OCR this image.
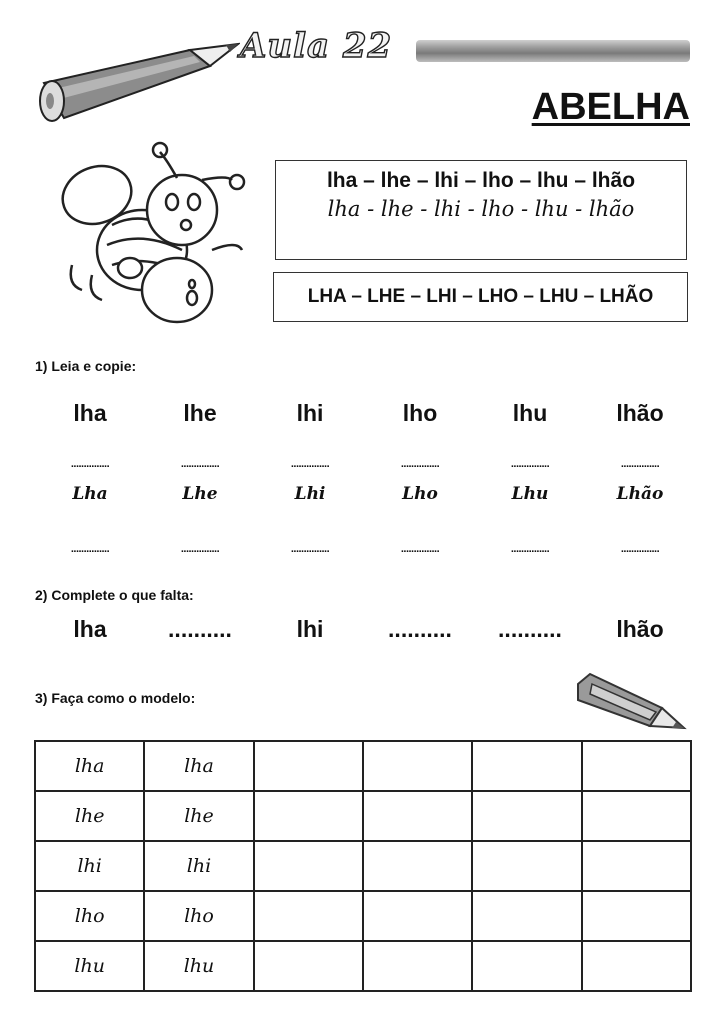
Aula 22
ABELHA
lha – lhe – lhi – lho – lhu – lhão
lha - lhe - lhi - lho - lhu - lhão
LHA – LHE – LHI – LHO – LHU – LHÃO
1) Leia e copie:
lha	lhe	lhi	lho	lhu	lhão
...............	...............	...............	...............	...............	...............
Lha	Lhe	Lhi	Lho	Lhu	Lhão
...............	...............	...............	...............	...............	...............
2) Complete o que falta:
lha	..........	lhi	..........	..........	lhão
3) Faça como o modelo:
lha	lha				
lhe	lhe				
lhi	lhi				
lho	lho				
lhu	lhu				
